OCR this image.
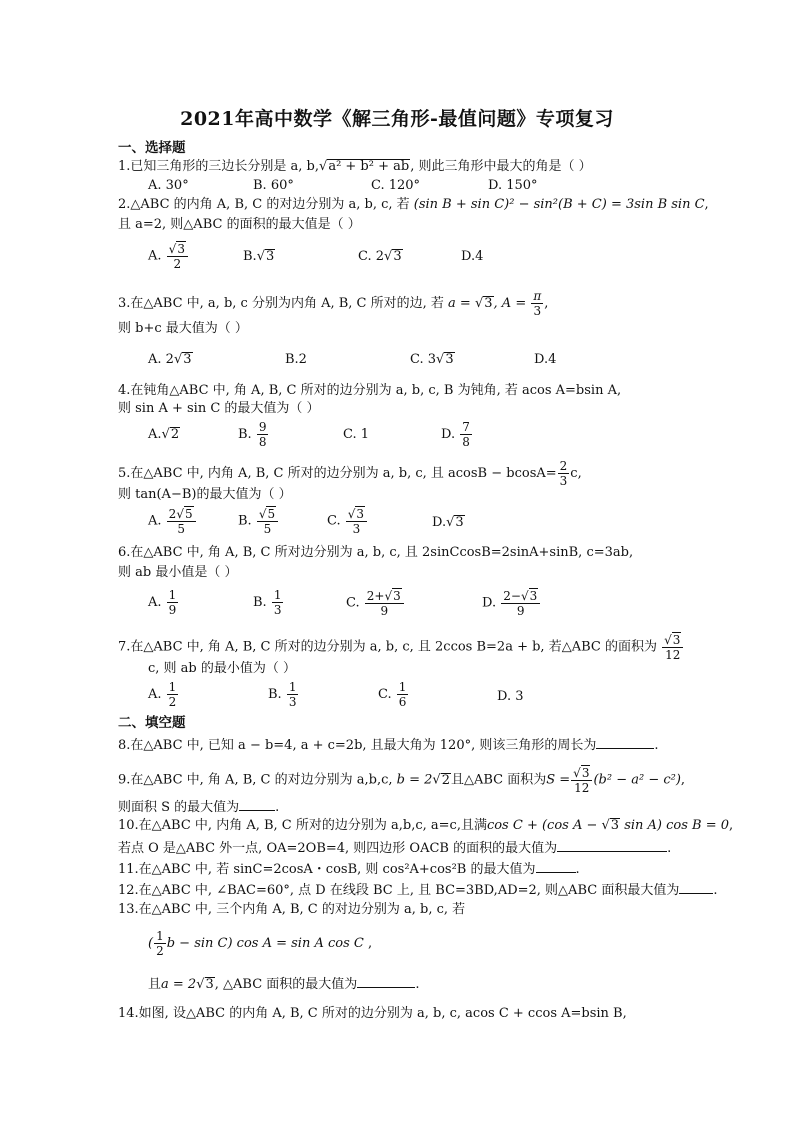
2021年高中数学《解三角形-最值问题》专项复习
一、选择题
1.已知三角形的三边长分别是 a, b,√a² + b² + ab, 则此三角形中最大的角是（ ）
A. 30°	B. 60°	C. 120°	D. 150°
2.△ABC 的内角 A, B, C 的对边分别为 a, b, c, 若 (sin B + sin C)² − sin²(B + C) = 3sin B sin C,
且 a=2, 则△ABC 的面积的最大值是（ ）
A. $\frac{√3}{2}$	B.√3	C. 2√3	D.4
3.在△ABC 中, a, b, c 分别为内角 A, B, C 所对的边, 若 a = √3, $A = \frac{\pi}{3}$ ,
则 b+c 最大值为（ ）
A. 2√3	B.2	C. 3√3	D.4
4.在钝角△ABC 中, 角 A, B, C 所对的边分别为 a, b, c, B 为钝角, 若 acos A=bsin A,
则 sin A + sin C 的最大值为（ ）
A.√2	B. $\frac{9}{8}$	C. 1	D. $\frac{7}{8}$
5.在△ABC 中, 内角 A, B, C 所对的边分别为 a, b, c, 且 $acosB - bcosA= \frac{2}{3} c$,
则 tan(A−B)的最大值为（ ）
A. $\frac{2√5}{5}$	B. $\frac{√5}{5}$	C. $\frac{√3}{3}$	D.√3
6.在△ABC 中, 角 A, B, C 所对边分别为 a, b, c, 且 2sinCcosB=2sinA+sinB, c=3ab,
则 ab 最小值是（ ）
A. $\frac{1}{9}$	B. $\frac{1}{3}$	C. $\frac{2+√3}{9}$	D. $\frac{2-√3}{9}$
7.在△ABC 中, 角 A, B, C 所对的边分别为 a, b, c, 且 2ccos B=2a + b, 若△ABC 的面积为 $\frac{√3}{12}$
c, 则 ab 的最小值为（ ）
A. $\frac{1}{2}$	B. $\frac{1}{3}$	C. $\frac{1}{6}$	D. 3
二、填空题
8.在△ABC 中, 已知 a − b=4, a + c=2b, 且最大角为 120°, 则该三角形的周长为	.
9.在△ABC 中, 角 A, B, C 的对边分别为 a,b,c, b = 2√2且△ABC 面积为$S = \frac{√3}{12} (b^2 - a^2 - c^2)$,
则面积 S 的最大值为	.
10.在△ABC 中, 内角 A, B, C 所对的边分别为 a,b,c, a=c,且满cos C + (cos A − √3 sin A) cos B = 0,
若点 O 是△ABC 外一点, OA=2OB=4, 则四边形 OACB 的面积的最大值为	.
11.在△ABC 中, 若 sinC=2cosA・cosB, 则 cos²A+cos²B 的最大值为	.
12.在△ABC 中, ∠BAC=60°, 点 D 在线段 BC 上, 且 BC=3BD,AD=2, 则△ABC 面积最大值为	.
13.在△ABC 中, 三个内角 A, B, C 的对边分别为 a, b, c, 若
( $\frac{1}{2}$ b − sin C) cos A = sin A cos C ,
且a = 2√3, △ABC 面积的最大值为	.
14.如图, 设△ABC 的内角 A, B, C 所对的边分别为 a, b, c, acos C + ccos A=bsin B,
